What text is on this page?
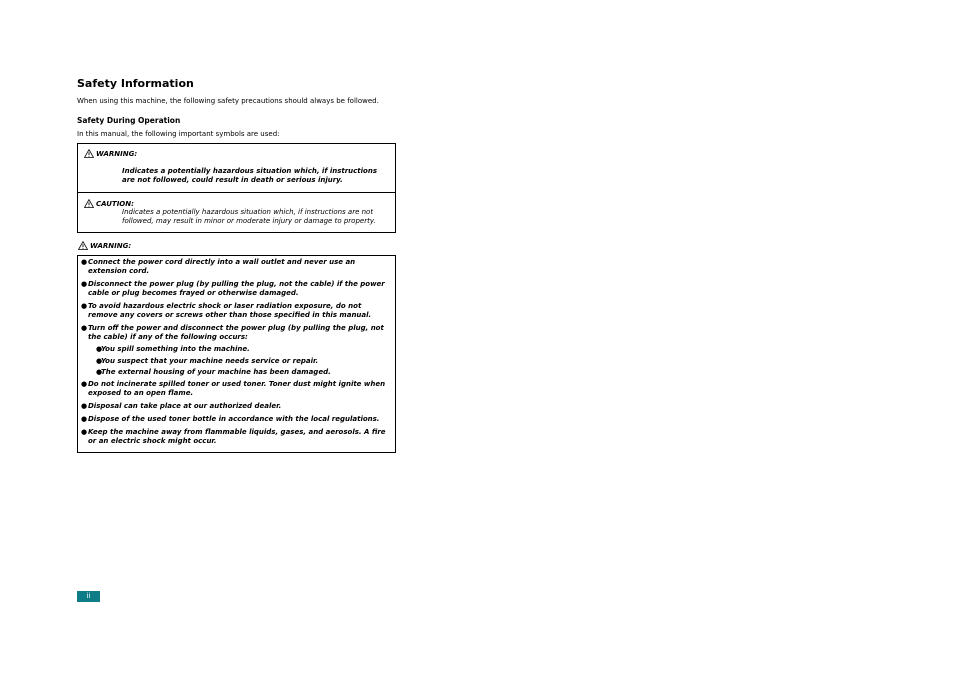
Safety Information
When using this machine, the following safety precautions should always be followed.
Safety During Operation
In this manual, the following important symbols are used:
WARNING:
Indicates a potentially hazardous situation which, if instructions are not followed, could result in death or serious injury.
CAUTION:
Indicates a potentially hazardous situation which, if instructions are not followed, may result in minor or moderate injury or damage to property.
WARNING:
● Connect the power cord directly into a wall outlet and never use an extension cord.
● Disconnect the power plug (by pulling the plug, not the cable) if the power cable or plug becomes frayed or otherwise damaged.
● To avoid hazardous electric shock or laser radiation exposure, do not remove any covers or screws other than those specified in this manual.
● Turn off the power and disconnect the power plug (by pulling the plug, not the cable) if any of the following occurs:
●
You spill something into the machine.
●
You suspect that your machine needs service or repair.
●
The external housing of your machine has been damaged.
● Do not incinerate spilled toner or used toner. Toner dust might ignite when exposed to an open flame.
● Disposal can take place at our authorized dealer.
● Dispose of the used toner bottle in accordance with the local regulations.
● Keep the machine away from flammable liquids, gases, and aerosols. A fire or an electric shock might occur.
ii
